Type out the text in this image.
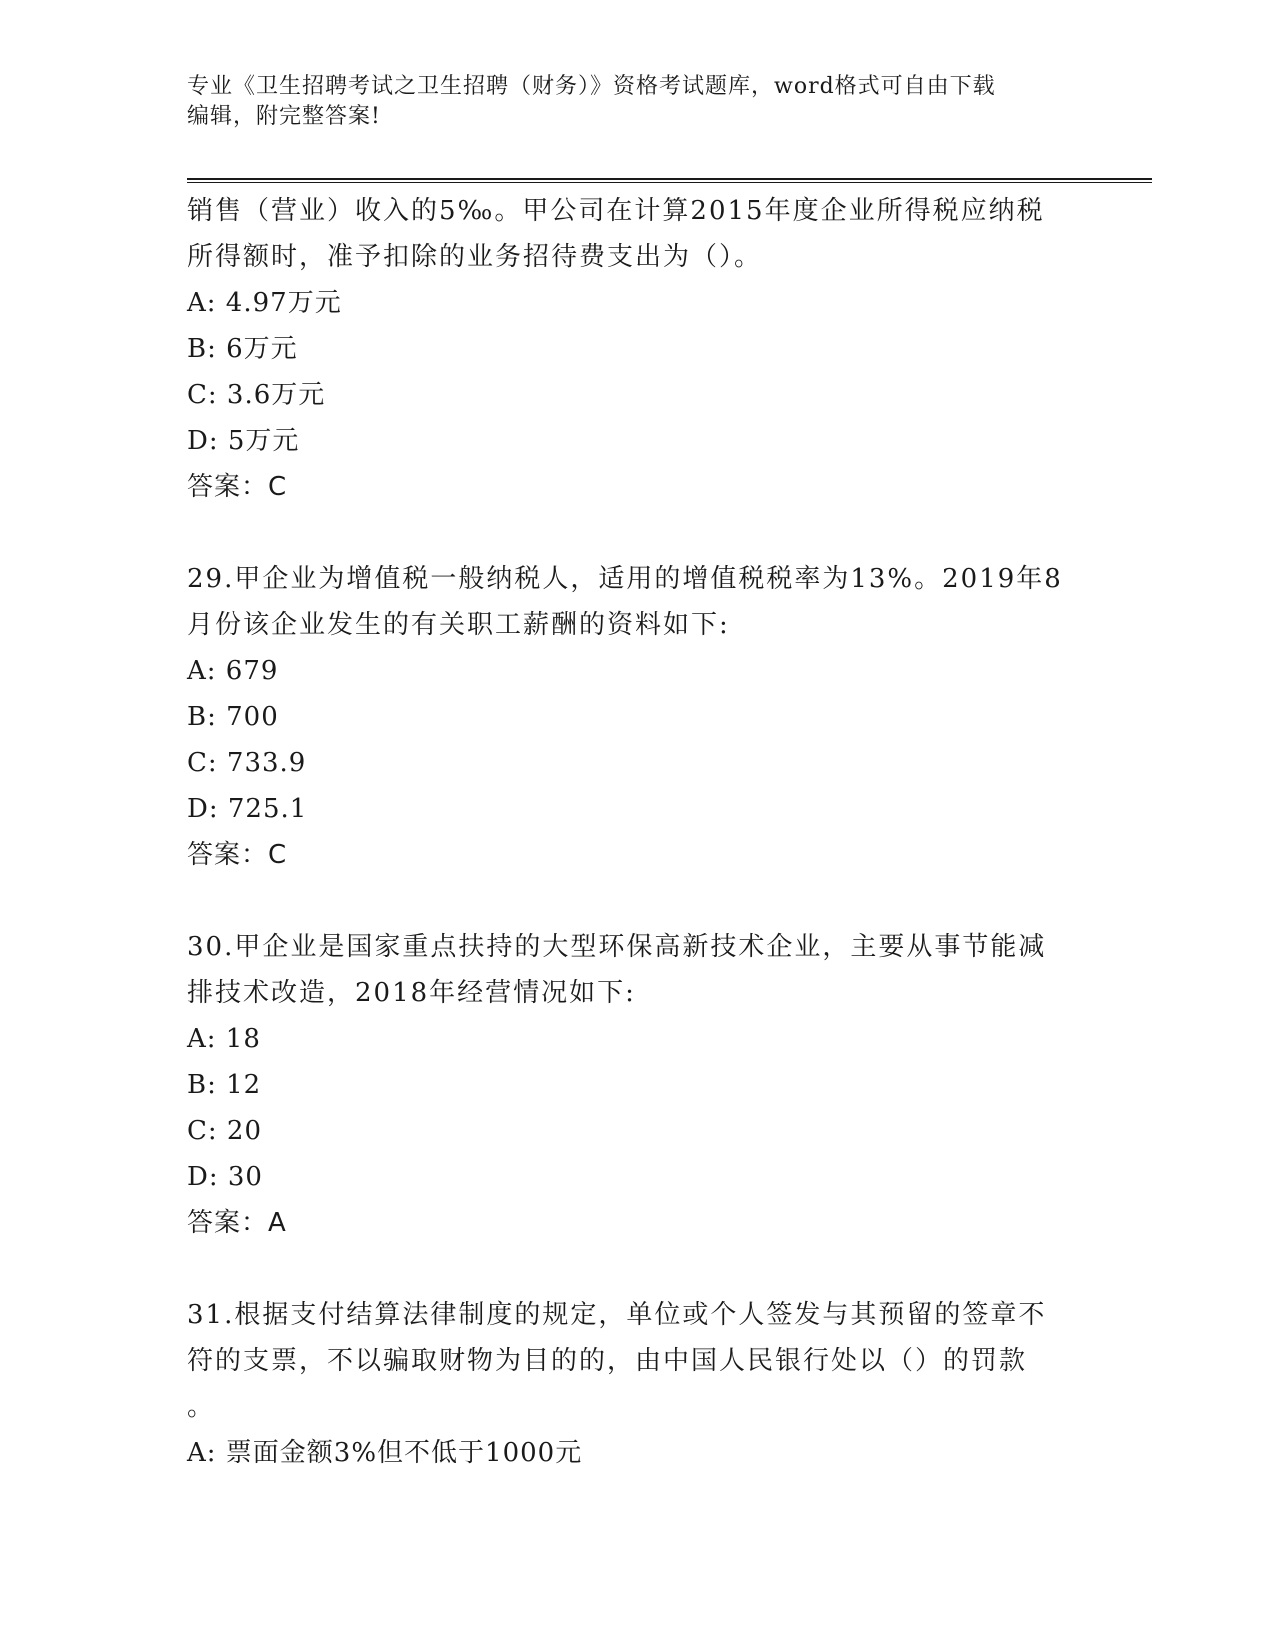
专业《卫生招聘考试之卫生招聘（财务）》资格考试题库，word格式可自由下载
编辑，附完整答案!

销售（营业）收入的5‰。甲公司在计算2015年度企业所得税应纳税

所得额时，准予扣除的业务招待费支出为（）。

A: 4.97万元

B: 6万元

C: 3.6万元

D: 5万元

答案：C

29.甲企业为增值税一般纳税人，适用的增值税税率为13%。2019年8

月份该企业发生的有关职工薪酬的资料如下:

A: 679

B: 700

C: 733.9

D: 725.1

答案：C

30.甲企业是国家重点扶持的大型环保高新技术企业，主要从事节能减

排技术改造，2018年经营情况如下:

A: 18

B: 12

C: 20

D: 30

答案：A

31.根据支付结算法律制度的规定，单位或个人签发与其预留的签章不

符的支票，不以骗取财物为目的的，由中国人民银行处以（）的罚款

。

A: 票面金额3%但不低于1000元
